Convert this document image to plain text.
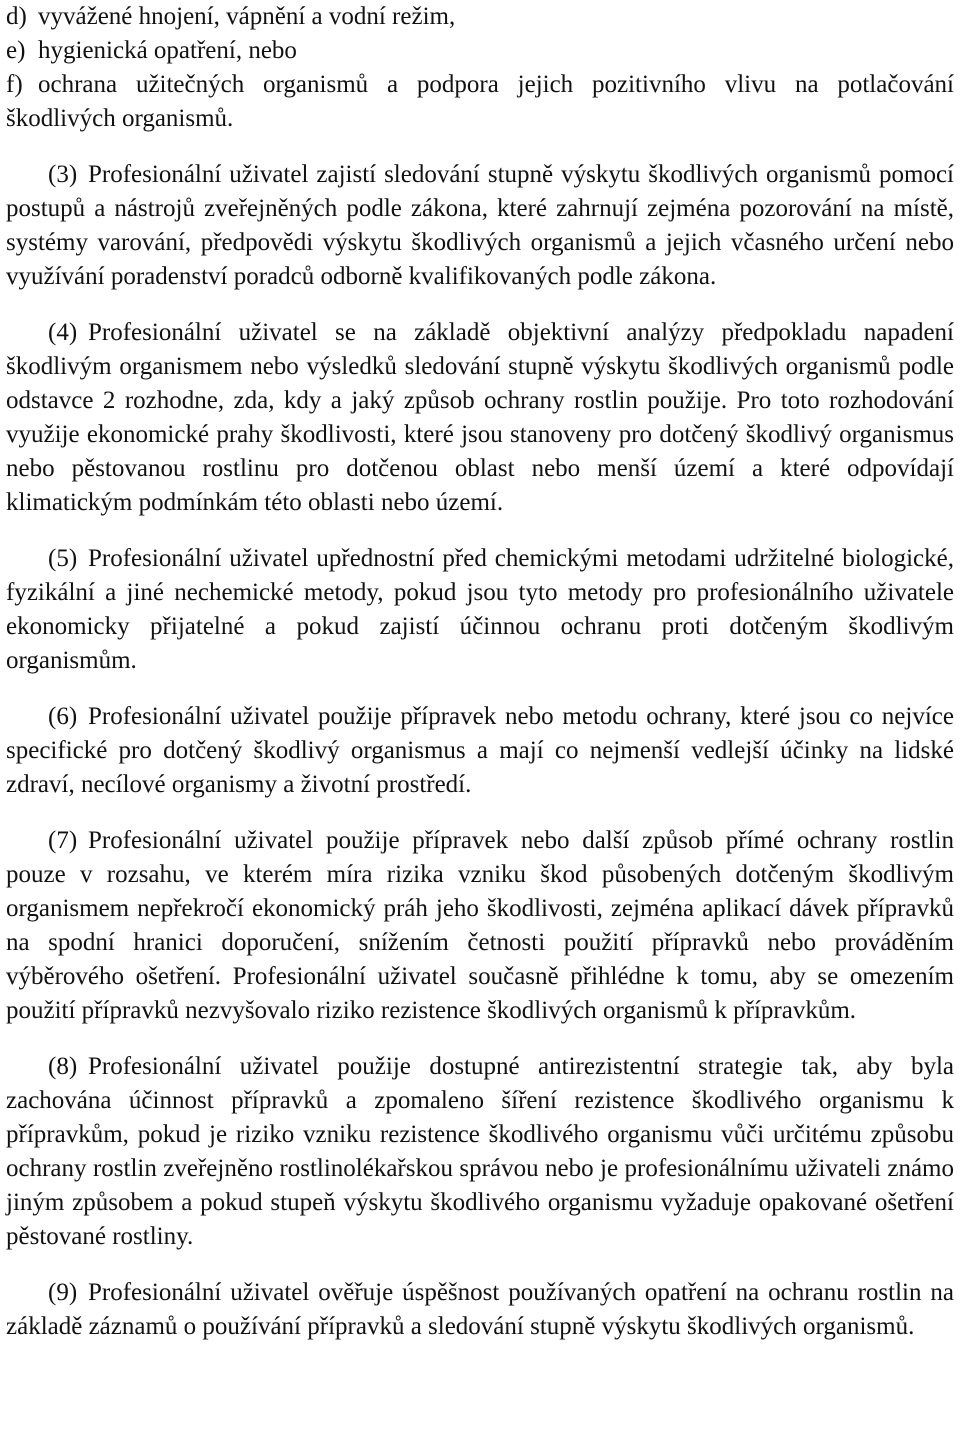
d) vyvážené hnojení, vápnění a vodní režim,
e) hygienická opatření, nebo
f) ochrana užitečných organismů a podpora jejich pozitivního vlivu na potlačování škodlivých organismů.

(3) Profesionální uživatel zajistí sledování stupně výskytu škodlivých organismů pomocí postupů a nástrojů zveřejněných podle zákona, které zahrnují zejména pozorování na místě, systémy varování, předpovědi výskytu škodlivých organismů a jejich včasného určení nebo využívání poradenství poradců odborně kvalifikovaných podle zákona.

(4) Profesionální uživatel se na základě objektivní analýzy předpokladu napadení škodlivým organismem nebo výsledků sledování stupně výskytu škodlivých organismů podle odstavce 2 rozhodne, zda, kdy a jaký způsob ochrany rostlin použije. Pro toto rozhodování využije ekonomické prahy škodlivosti, které jsou stanoveny pro dotčený škodlivý organismus nebo pěstovanou rostlinu pro dotčenou oblast nebo menší území a které odpovídají klimatickým podmínkám této oblasti nebo území.

(5) Profesionální uživatel upřednostní před chemickými metodami udržitelné biologické, fyzikální a jiné nechemické metody, pokud jsou tyto metody pro profesionálního uživatele ekonomicky přijatelné a pokud zajistí účinnou ochranu proti dotčeným škodlivým organismům.

(6) Profesionální uživatel použije přípravek nebo metodu ochrany, které jsou co nejvíce specifické pro dotčený škodlivý organismus a mají co nejmenší vedlejší účinky na lidské zdraví, necílové organismy a životní prostředí.

(7) Profesionální uživatel použije přípravek nebo další způsob přímé ochrany rostlin pouze v rozsahu, ve kterém míra rizika vzniku škod působených dotčeným škodlivým organismem nepřekročí ekonomický práh jeho škodlivosti, zejména aplikací dávek přípravků na spodní hranici doporučení, snížením četnosti použití přípravků nebo prováděním výběrového ošetření. Profesionální uživatel současně přihlédne k tomu, aby se omezením použití přípravků nezvyšovalo riziko rezistence škodlivých organismů k přípravkům.

(8) Profesionální uživatel použije dostupné antirezistentní strategie tak, aby byla zachována účinnost přípravků a zpomaleno šíření rezistence škodlivého organismu k přípravkům, pokud je riziko vzniku rezistence škodlivého organismu vůči určitému způsobu ochrany rostlin zveřejněno rostlinolékařskou správou nebo je profesionálnímu uživateli známo jiným způsobem a pokud stupeň výskytu škodlivého organismu vyžaduje opakované ošetření pěstované rostliny.

(9) Profesionální uživatel ověřuje úspěšnost používaných opatření na ochranu rostlin na základě záznamů o používání přípravků a sledování stupně výskytu škodlivých organismů.
